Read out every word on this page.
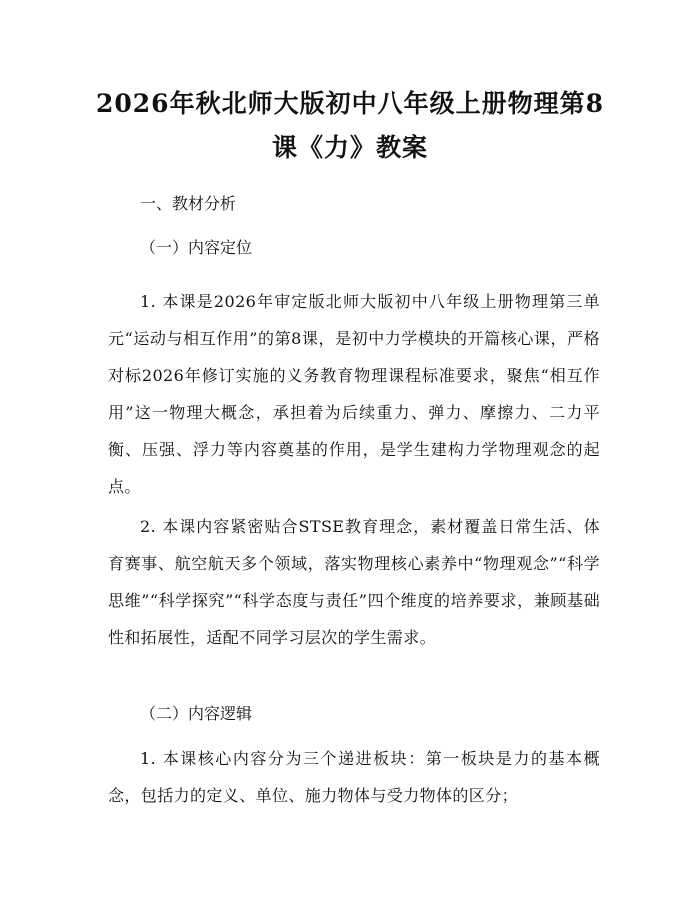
2026年秋北师大版初中八年级上册物理第8
课《力》教案

一、教材分析

（一）内容定位

1. 本课是2026年审定版北师大版初中八年级上册物理第三单元“运动与相互作用”的第8课，是初中力学模块的开篇核心课，严格对标2026年修订实施的义务教育物理课程标准要求，聚焦“相互作用”这一物理大概念，承担着为后续重力、弹力、摩擦力、二力平衡、压强、浮力等内容奠基的作用，是学生建构力学物理观念的起点。

2. 本课内容紧密贴合STSE教育理念，素材覆盖日常生活、体育赛事、航空航天多个领域，落实物理核心素养中“物理观念”“科学思维”“科学探究”“科学态度与责任”四个维度的培养要求，兼顾基础性和拓展性，适配不同学习层次的学生需求。

（二）内容逻辑

1. 本课核心内容分为三个递进板块：第一板块是力的基本概念，包括力的定义、单位、施力物体与受力物体的区分；
